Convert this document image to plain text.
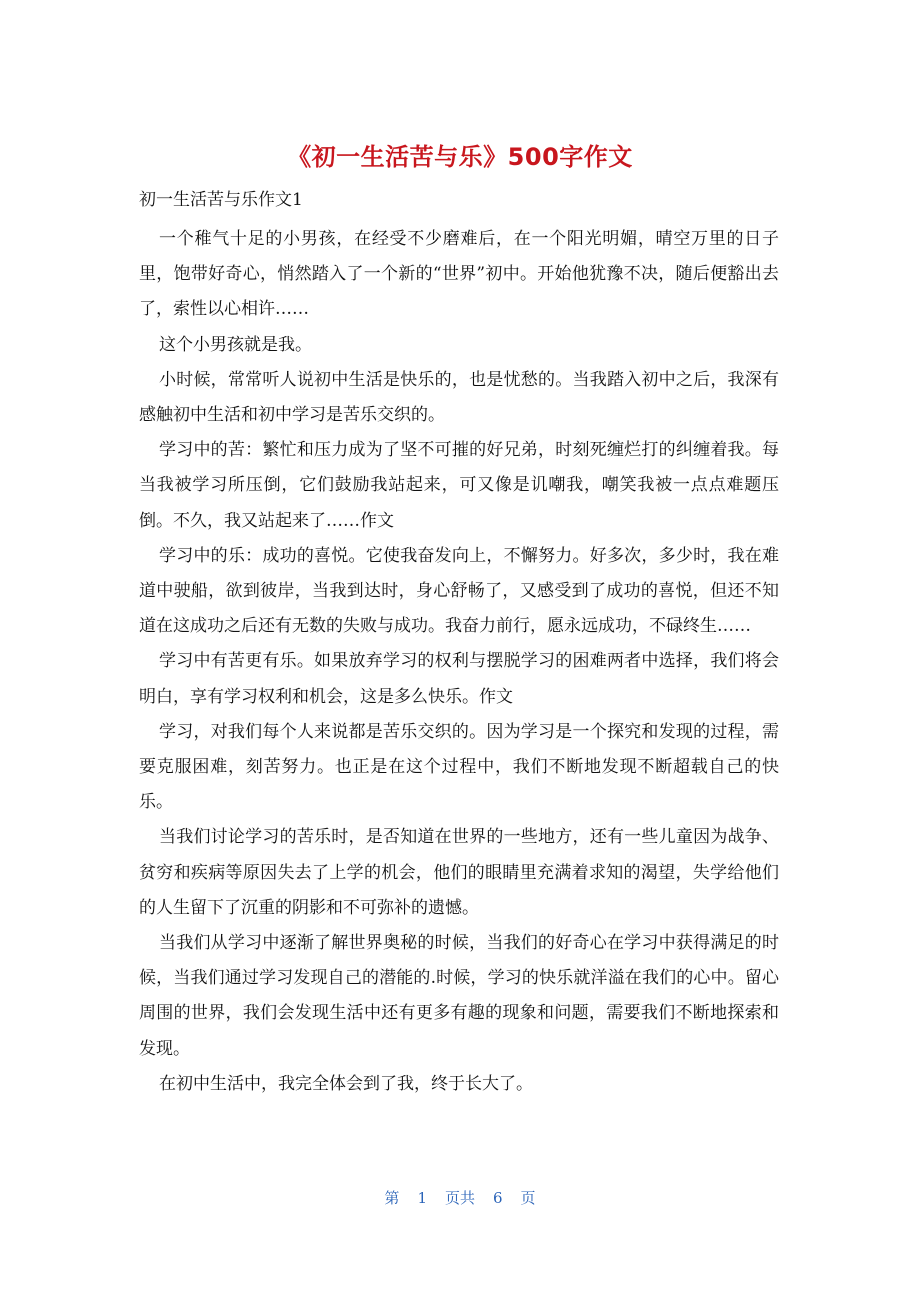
《初一生活苦与乐》500字作文
初一生活苦与乐作文1

一个稚气十足的小男孩，在经受不少磨难后，在一个阳光明媚，晴空万里的日子里，饱带好奇心，悄然踏入了一个新的“世界”初中。开始他犹豫不决，随后便豁出去了，索性以心相许……

这个小男孩就是我。

小时候，常常听人说初中生活是快乐的，也是忧愁的。当我踏入初中之后，我深有感触初中生活和初中学习是苦乐交织的。

学习中的苦：繁忙和压力成为了坚不可摧的好兄弟，时刻死缠烂打的纠缠着我。每当我被学习所压倒，它们鼓励我站起来，可又像是讥嘲我，嘲笑我被一点点难题压倒。不久，我又站起来了……作文

学习中的乐：成功的喜悦。它使我奋发向上，不懈努力。好多次，多少时，我在难道中驶船，欲到彼岸，当我到达时，身心舒畅了，又感受到了成功的喜悦，但还不知道在这成功之后还有无数的失败与成功。我奋力前行，愿永远成功，不碌终生……

学习中有苦更有乐。如果放弃学习的权利与摆脱学习的困难两者中选择，我们将会明白，享有学习权利和机会，这是多么快乐。作文

学习，对我们每个人来说都是苦乐交织的。因为学习是一个探究和发现的过程，需要克服困难，刻苦努力。也正是在这个过程中，我们不断地发现不断超载自己的快乐。

当我们讨论学习的苦乐时，是否知道在世界的一些地方，还有一些儿童因为战争、贫穷和疾病等原因失去了上学的机会，他们的眼睛里充满着求知的渴望，失学给他们的人生留下了沉重的阴影和不可弥补的遗憾。

当我们从学习中逐渐了解世界奥秘的时候，当我们的好奇心在学习中获得满足的时候，当我们通过学习发现自己的潜能的.时候，学习的快乐就洋溢在我们的心中。留心周围的世界，我们会发现生活中还有更多有趣的现象和问题，需要我们不断地探索和发现。

在初中生活中，我完全体会到了我，终于长大了。

第 1 页共 6 页
